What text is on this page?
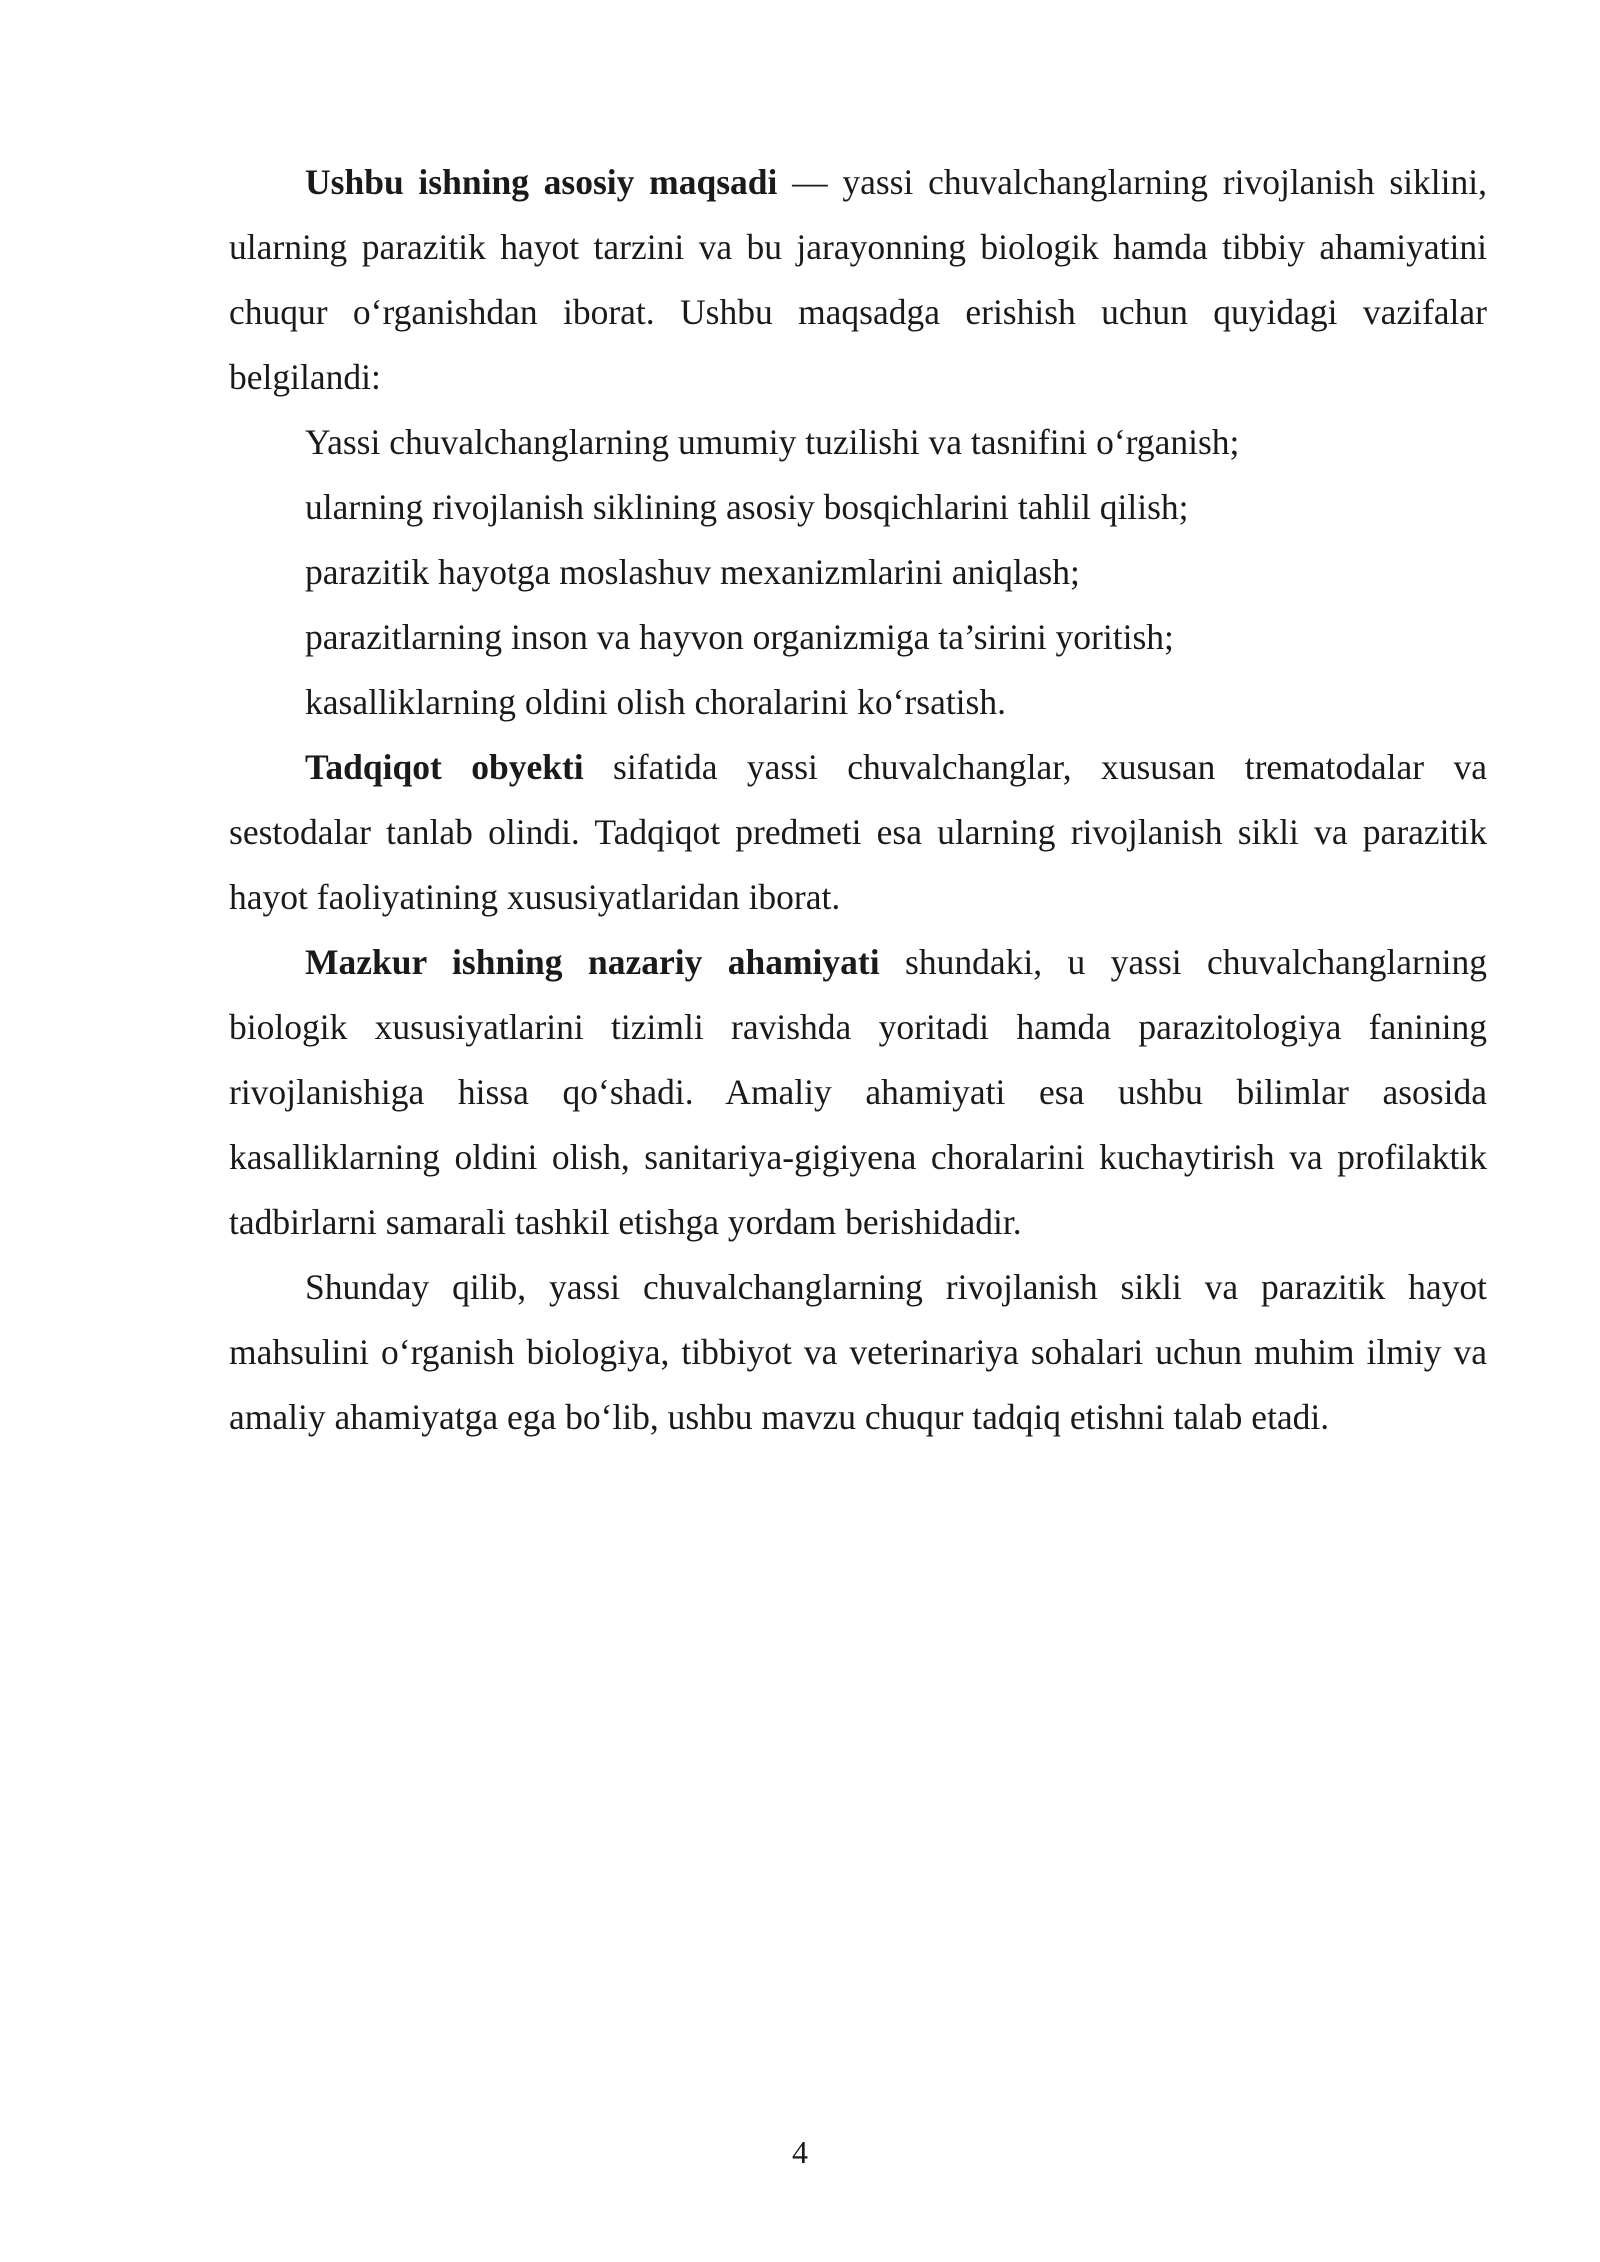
Ushbu ishning asosiy maqsadi — yassi chuvalchanglarning rivojlanish siklini, ularning parazitik hayot tarzini va bu jarayonning biologik hamda tibbiy ahamiyatini chuqur o‘rganishdan iborat. Ushbu maqsadga erishish uchun quyidagi vazifalar belgilandi:

Yassi chuvalchanglarning umumiy tuzilishi va tasnifini o‘rganish;
ularning rivojlanish siklining asosiy bosqichlarini tahlil qilish;
parazitik hayotga moslashuv mexanizmlarini aniqlash;
parazitlarning inson va hayvon organizmiga ta’sirini yoritish;
kasalliklarning oldini olish choralarini ko‘rsatish.

Tadqiqot obyekti sifatida yassi chuvalchanglar, xususan trematodalar va sestodalar tanlab olindi. Tadqiqot predmeti esa ularning rivojlanish sikli va parazitik hayot faoliyatining xususiyatlaridan iborat.

Mazkur ishning nazariy ahamiyati shundaki, u yassi chuvalchanglarning biologik xususiyatlarini tizimli ravishda yoritadi hamda parazitologiya fanining rivojlanishiga hissa qo‘shadi. Amaliy ahamiyati esa ushbu bilimlar asosida kasalliklarning oldini olish, sanitariya-gigiyena choralarini kuchaytirish va profilaktik tadbirlarni samarali tashkil etishga yordam berishidadir.

Shunday qilib, yassi chuvalchanglarning rivojlanish sikli va parazitik hayot mahsulini o‘rganish biologiya, tibbiyot va veterinariya sohalari uchun muhim ilmiy va amaliy ahamiyatga ega bo‘lib, ushbu mavzu chuqur tadqiq etishni talab etadi.

4
